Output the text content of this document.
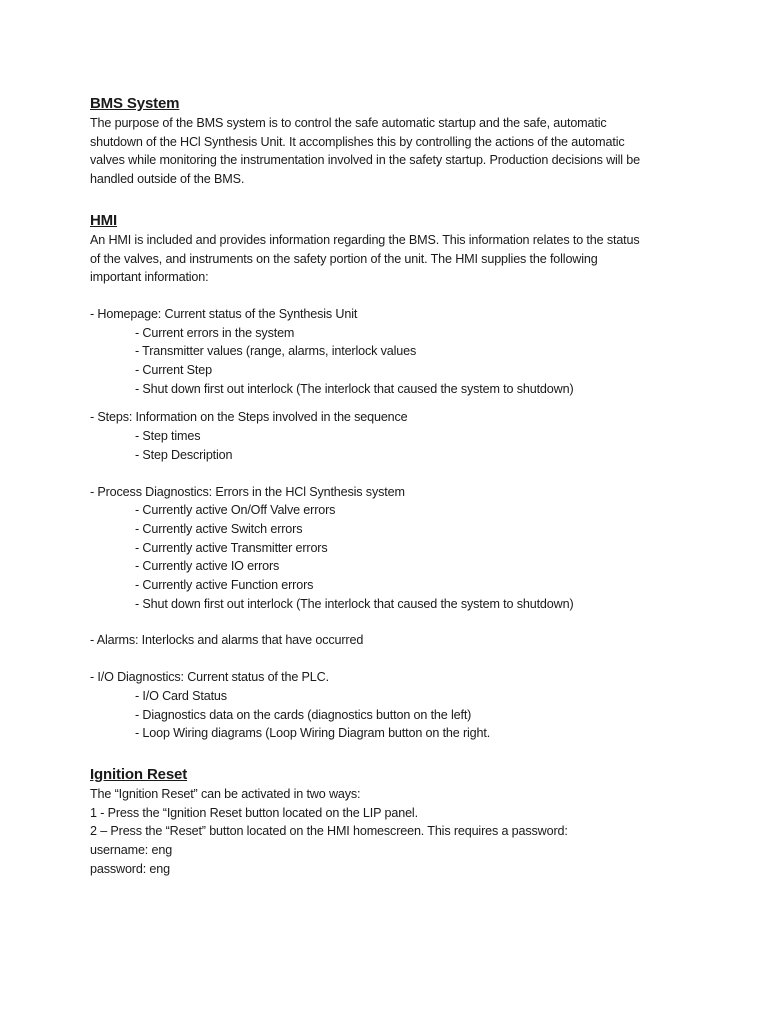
BMS System
The purpose of the BMS system is to control the safe automatic startup and the safe, automatic
shutdown of the HCl Synthesis Unit. It accomplishes this by controlling the actions of the automatic
valves while monitoring the instrumentation involved in the safety startup. Production decisions will be
handled outside of the BMS.
HMI
An HMI is included and provides information regarding the BMS. This information relates to the status
of the valves, and instruments on the safety portion of the unit. The HMI supplies the following
important information:
- Homepage: Current status of the Synthesis Unit
- Current errors in the system
- Transmitter values (range, alarms, interlock values
- Current Step
- Shut down first out interlock (The interlock that caused the system to shutdown)
- Steps: Information on the Steps involved in the sequence
- Step times
- Step Description
- Process Diagnostics: Errors in the HCl Synthesis system
- Currently active On/Off Valve errors
- Currently active Switch errors
- Currently active Transmitter errors
- Currently active IO errors
- Currently active Function errors
- Shut down first out interlock (The interlock that caused the system to shutdown)
- Alarms: Interlocks and alarms that have occurred
- I/O Diagnostics: Current status of the PLC.
- I/O Card Status
- Diagnostics data on the cards (diagnostics button on the left)
- Loop Wiring diagrams (Loop Wiring Diagram button on the right.
Ignition Reset
The “Ignition Reset” can be activated in two ways:
1 - Press the “Ignition Reset button located on the LIP panel.
2 – Press the “Reset” button located on the HMI homescreen. This requires a password:
username: eng
password: eng
